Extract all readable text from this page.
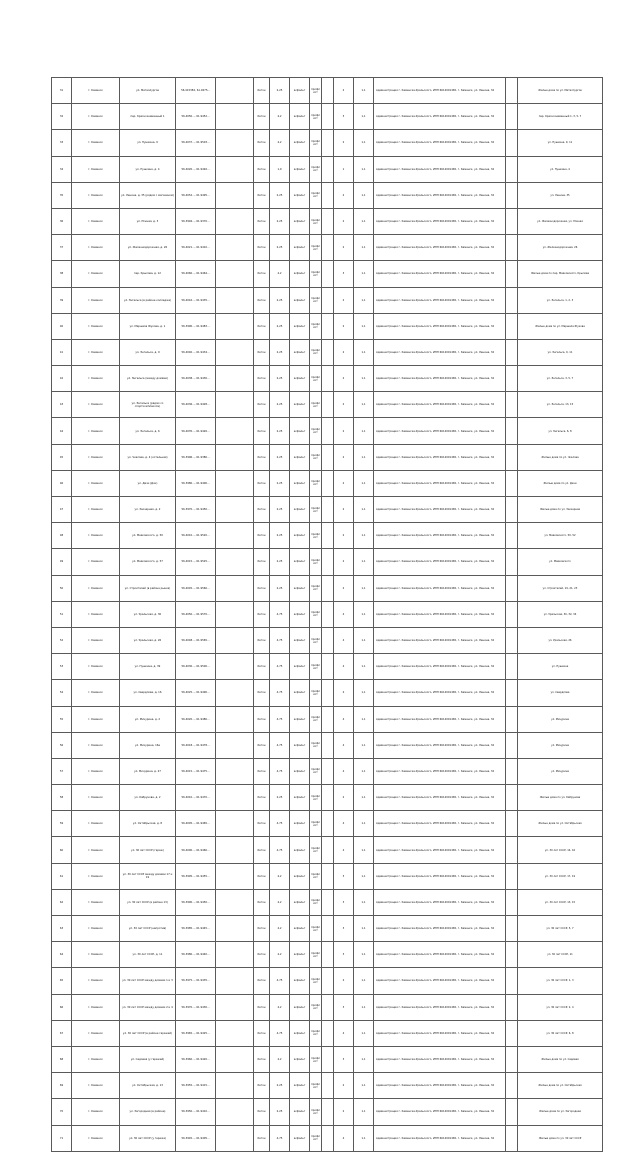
31	г. Каменск	ул. Металлургов	56.415382, 61.9475...		бетон	2,25	асфальт	профлист		2	1,1	Администрация г. Каменска-Уральского, ИНН 6612001465, г. Каменск, ул. Ленина, 32		Жилые дома по ул. Металлургов
32	г. Каменск	пер. Краснознаменный 1	56.4050..., 61.9452...		бетон	4,2	асфальт	профлист		3	1,1	Администрация г. Каменска-Уральского, ИНН 6612001465, г. Каменск, ул. Ленина, 32		пер. Краснознаменный 1, 3, 5, 7
33	г. Каменск	ул. Пушкина, 9	56.4037..., 61.9503...		бетон	4,2	асфальт	профлист		2	1,1	Администрация г. Каменска-Уральского, ИНН 6612001465, г. Каменск, ул. Ленина, 32		ул. Пушкина, 9, 11
34	г. Каменск	ул. Пушкина, д. 4	56.4020..., 61.9492...		бетон	1,9	асфальт	профлист		1	1,1	Администрация г. Каменска-Уральского, ИНН 6612001465, г. Каменск, ул. Ленина, 32		ул. Пушкина, 4
35	г. Каменск	ул. Ленина, д. 35 (рядом с магазином)	56.4052..., 61.9495...		бетон	2,25	асфальт	профлист		2	1,1	Администрация г. Каменска-Уральского, ИНН 6612001465, г. Каменск, ул. Ленина, 32		ул. Ленина, 35
36	г. Каменск	ул. Южная, д. 3	56.3994..., 61.9370...		бетон	2,25	асфальт	профлист		2	1,1	Администрация г. Каменска-Уральского, ИНН 6612001465, г. Каменск, ул. Ленина, 32		ул. Железнодорожная, ул. Южная
37	г. Каменск	ул. Железнодорожная, д. 26	56.4021..., 61.9410...		бетон	2,25	асфальт	профлист		2	1,1	Администрация г. Каменска-Уральского, ИНН 6612001465, г. Каменск, ул. Ленина, 32		ул. Железнодорожная, 26
38	г. Каменск	пер. Крылова, д. 12	56.4060..., 61.9464...		бетон	4,2	асфальт	профлист		3	1,1	Администрация г. Каменска-Уральского, ИНН 6612001465, г. Каменск, ул. Ленина, 32		Жилые дома по пер. Маяковского, Крылова
39	г. Каменск	ул. Энгельса (в районе колледжа)	56.4042..., 61.9435...		бетон	2,25	асфальт	профлист		2	1,1	Администрация г. Каменска-Уральского, ИНН 6612001465, г. Каменск, ул. Ленина, 32		ул. Энгельса, 1, 2, 3
40	г. Каменск	ул. Маршала Жукова, д. 1	56.3990..., 61.9483...		бетон	2,25	асфальт	профлист		2	1,1	Администрация г. Каменска-Уральского, ИНН 6612001465, г. Каменск, ул. Ленина, 32		Жилые дома по ул. Маршала Жукова
41	г. Каменск	ул. Энгельса, д. 9	56.4040..., 61.9434...		бетон	2,25	асфальт	профлист		2	1,1	Администрация г. Каменска-Уральского, ИНН 6612001465, г. Каменск, ул. Ленина, 32		ул. Энгельса, 9, 11
42	г. Каменск	ул. Энгельса (между домами)	56.4038..., 61.9430...		бетон	2,25	асфальт	профлист		2	1,1	Администрация г. Каменска-Уральского, ИНН 6612001465, г. Каменск, ул. Ленина, 32		ул. Энгельса, 3, 5, 7
43	г. Каменск	ул. Энгельса (рядом со спорткомплексом)	56.4036..., 61.9428...		бетон	2,25	асфальт	профлист		2	1,1	Администрация г. Каменска-Уральского, ИНН 6612001465, г. Каменск, ул. Ленина, 32		ул. Энгельса, 13, 15
44	г. Каменск	ул. Энгельса, д. 6	56.4035..., 61.9426...		бетон	2,25	асфальт	профлист		2	1,1	Администрация г. Каменска-Уральского, ИНН 6612001465, г. Каменск, ул. Ленина, 32		ул. Энгельса, 6, 8
45	г. Каменск	ул. Чкалова, д. 4 (котельная)	56.3996..., 61.9380...		бетон	2,25	асфальт	профлист		2	1,1	Администрация г. Каменска-Уральского, ИНН 6612001465, г. Каменск, ул. Ленина, 32		Жилые дома по ул. Чкалова
46	г. Каменск	ул. Дачи (Дач)	56.3980..., 61.9400...		бетон	2,25	асфальт	профлист		2	1,1	Администрация г. Каменска-Уральского, ИНН 6612001465, г. Каменск, ул. Ленина, 32		Жилые дома по ул. Дачи
47	г. Каменск	ул. Заозерная, д. 2	56.3970..., 61.9450...		бетон	2,25	асфальт	профлист		2	1,1	Администрация г. Каменска-Уральского, ИНН 6612001465, г. Каменск, ул. Ленина, 32		Жилые дома по ул. Заозерная
48	г. Каменск	ул. Маяковского, д. 50	56.4010..., 61.9520...		бетон	2,25	асфальт	профлист		2	1,1	Администрация г. Каменска-Уральского, ИНН 6612001465, г. Каменск, ул. Ленина, 32		ул. Маяковского, 50, 52
49	г. Каменск	ул. Маяковского, д. 57	56.4015..., 61.9525...		бетон	2,25	асфальт	профлист		2	1,1	Администрация г. Каменска-Уральского, ИНН 6612001465, г. Каменск, ул. Ленина, 32		ул. Маяковского
50	г. Каменск	ул. Строителей (в районе рынка)	56.4045..., 61.9560...		бетон	2,25	асфальт	профлист		2	1,1	Администрация г. Каменска-Уральского, ИНН 6612001465, г. Каменск, ул. Ленина, 32		ул. Строителей, 19, 21, 23
51	г. Каменск	ул. Уральская, д. 30	56.4050..., 61.9570...		бетон	4,75	асфальт	профлист		4	1,1	Администрация г. Каменска-Уральского, ИНН 6612001465, г. Каменск, ул. Ленина, 32		ул. Уральская, 30, 32, 34
52	г. Каменск	ул. Уральская, д. 26	56.4048..., 61.9565...		бетон	4,75	асфальт	профлист		4	1,1	Администрация г. Каменска-Уральского, ИНН 6612001465, г. Каменск, ул. Ленина, 32		ул. Уральская, 26
53	г. Каменск	ул. Пушкина, д. 39	56.4030..., 61.9500...		бетон	4,75	асфальт	профлист		4	1,1	Администрация г. Каменска-Уральского, ИНН 6612001465, г. Каменск, ул. Ленина, 32		ул. Пушкина
54	г. Каменск	ул. Свердлова, д. 16	56.4025..., 61.9490...		бетон	4,75	асфальт	профлист		4	1,1	Администрация г. Каменска-Уральского, ИНН 6612001465, г. Каменск, ул. Ленина, 32		ул. Свердлова
55	г. Каменск	ул. Мичурина, д. 2	56.4020..., 61.9480...		бетон	4,75	асфальт	профлист		4	1,1	Администрация г. Каменска-Уральского, ИНН 6612001465, г. Каменск, ул. Ленина, 32		ул. Мичурина
56	г. Каменск	ул. Мичурина, 16а	56.4018..., 61.9478...		бетон	4,75	асфальт	профлист		4	1,1	Администрация г. Каменска-Уральского, ИНН 6612001465, г. Каменск, ул. Ленина, 32		ул. Мичурина
57	г. Каменск	ул. Мичурина, д. 27	56.4015..., 61.9475...		бетон	4,75	асфальт	профлист		4	1,1	Администрация г. Каменска-Уральского, ИНН 6612001465, г. Каменск, ул. Ленина, 32		ул. Мичурина
58	г. Каменск	ул. Кабрунова, д. 2	56.4010..., 61.9470...		бетон	2,25	асфальт	профлист		2	1,1	Администрация г. Каменска-Уральского, ИНН 6612001465, г. Каменск, ул. Ленина, 32		Жилые дома по ул. Кабрунова
59	г. Каменск	ул. Октябрьская, д. 8	56.4005..., 61.9465...		бетон	4,75	асфальт	профлист		4	1,1	Администрация г. Каменска-Уральского, ИНН 6612001465, г. Каменск, ул. Ленина, 32		Жилые дома по ул. Октябрьская
60	г. Каменск	ул. 30 лет СССР (гараж)	56.4000..., 61.9460...		бетон	4,75	асфальт	профлист		4	1,1	Администрация г. Каменска-Уральского, ИНН 6612001465, г. Каменск, ул. Ленина, 32		ул. 30 лет СССР, 14, 16
61	г. Каменск	ул. 30 лет СССР между домами 17 и 19	56.3995..., 61.9455...		бетон	4,2	асфальт	профлист		3	1,1	Администрация г. Каменска-Уральского, ИНН 6612001465, г. Каменск, ул. Ленина, 32		ул. 30 лет СССР, 17, 19
62	г. Каменск	ул. 30 лет СССР (в районе 13)	56.3990..., 61.9450...		бетон	4,2	асфальт	профлист		3	1,1	Администрация г. Каменска-Уральского, ИНН 6612001465, г. Каменск, ул. Ленина, 32		ул. 30 лет СССР, 13, 15
63	г. Каменск	ул. 30 лет СССР (напротив)	56.3985..., 61.9445...		бетон	4,2	асфальт	профлист		3	1,1	Администрация г. Каменска-Уральского, ИНН 6612001465, г. Каменск, ул. Ленина, 32		ул. 30 лет СССР, 5, 7
64	г. Каменск	ул. 30 лет СССР, д. 11	56.3980..., 61.9440...		бетон	4,2	асфальт	профлист		3	1,1	Администрация г. Каменска-Уральского, ИНН 6612001465, г. Каменск, ул. Ленина, 32		ул. 30 лет СССР, 11
65	г. Каменск	ул. 30 лет СССР между домами 1 и 3	56.3975..., 61.9435...		бетон	4,75	асфальт	профлист		4	1,1	Администрация г. Каменска-Уральского, ИНН 6612001465, г. Каменск, ул. Ленина, 32		ул. 30 лет СССР, 1, 3
66	г. Каменск	ул. 30 лет СССР между домами 2 и 4	56.3970..., 61.9430...		бетон	4,2	асфальт	профлист		3	1,1	Администрация г. Каменска-Уральского, ИНН 6612001465, г. Каменск, ул. Ленина, 32		ул. 30 лет СССР, 2, 4
67	г. Каменск	ул. 30 лет СССР (в районе гаражей)	56.3965..., 61.9425...		бетон	4,75	асфальт	профлист		4	1,1	Администрация г. Каменска-Уральского, ИНН 6612001465, г. Каменск, ул. Ленина, 32		ул. 30 лет СССР, 6, 8
68	г. Каменск	ул. Садовая (у гаражей)	56.3960..., 61.9420...		бетон	4,2	асфальт	профлист		3	1,1	Администрация г. Каменска-Уральского, ИНН 6612001465, г. Каменск, ул. Ленина, 32		Жилые дома по ул. Садовая
69	г. Каменск	ул. Октябрьская, д. 13	56.3955..., 61.9415...		бетон	2,25	асфальт	профлист		2	1,1	Администрация г. Каменска-Уральского, ИНН 6612001465, г. Каменск, ул. Ленина, 32		Жилые дома по ул. Октябрьская
70	г. Каменск	ул. Загородная (в районе)	56.3950..., 61.9410...		бетон	2,25	асфальт	профлист		2	1,1	Администрация г. Каменска-Уральского, ИНН 6612001465, г. Каменск, ул. Ленина, 32		Жилые дома по ул. Загородная
71	г. Каменск	ул. 30 лет СССР (у гаража)	56.3945..., 61.9405...		бетон	4,75	асфальт	профлист		4	1,1	Администрация г. Каменска-Уральского, ИНН 6612001465, г. Каменск, ул. Ленина, 32		Жилые дома по ул. 30 лет СССР
